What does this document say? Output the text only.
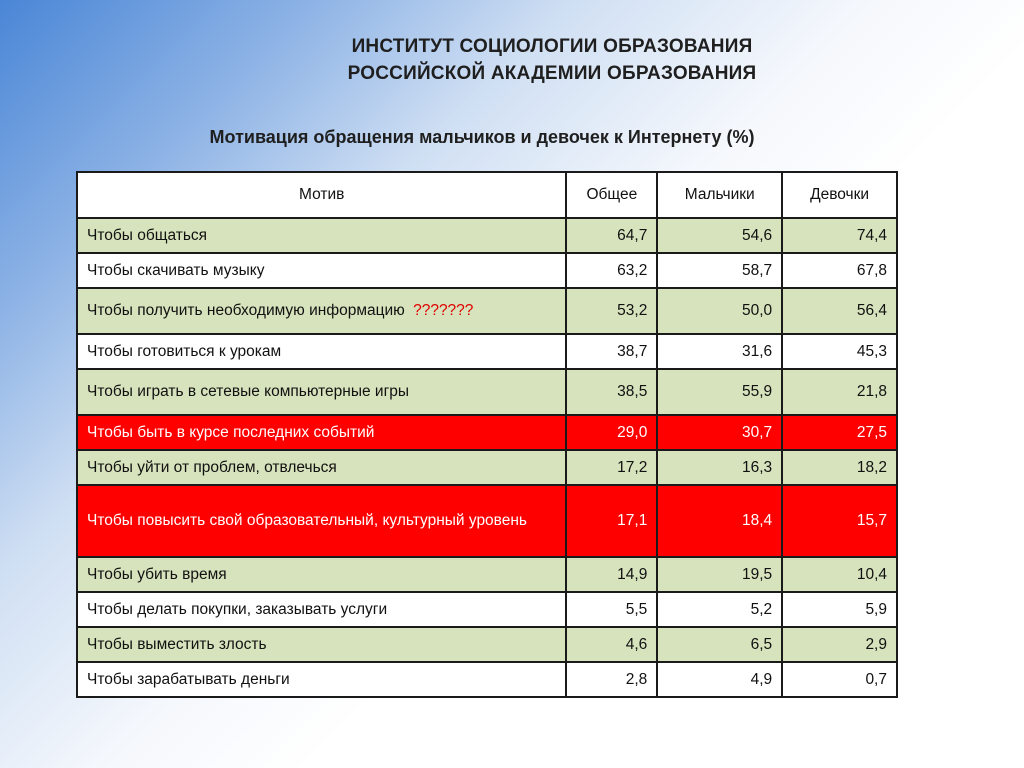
ИНСТИТУТ СОЦИОЛОГИИ ОБРАЗОВАНИЯ
РОССИЙСКОЙ АКАДЕМИИ ОБРАЗОВАНИЯ
Мотивация обращения мальчиков и девочек к Интернету (%)
Мотив	Общее	Мальчики	Девочки
Чтобы общаться	64,7	54,6	74,4
Чтобы скачивать музыку	63,2	58,7	67,8
Чтобы получить необходимую информацию ???????	53,2	50,0	56,4
Чтобы готовиться к урокам	38,7	31,6	45,3
Чтобы играть в сетевые компьютерные игры	38,5	55,9	21,8
Чтобы быть в курсе последних событий	29,0	30,7	27,5
Чтобы уйти от проблем, отвлечься	17,2	16,3	18,2
Чтобы повысить свой образовательный, культурный уровень	17,1	18,4	15,7
Чтобы убить время	14,9	19,5	10,4
Чтобы делать покупки, заказывать услуги	5,5	5,2	5,9
Чтобы выместить злость	4,6	6,5	2,9
Чтобы зарабатывать деньги	2,8	4,9	0,7
